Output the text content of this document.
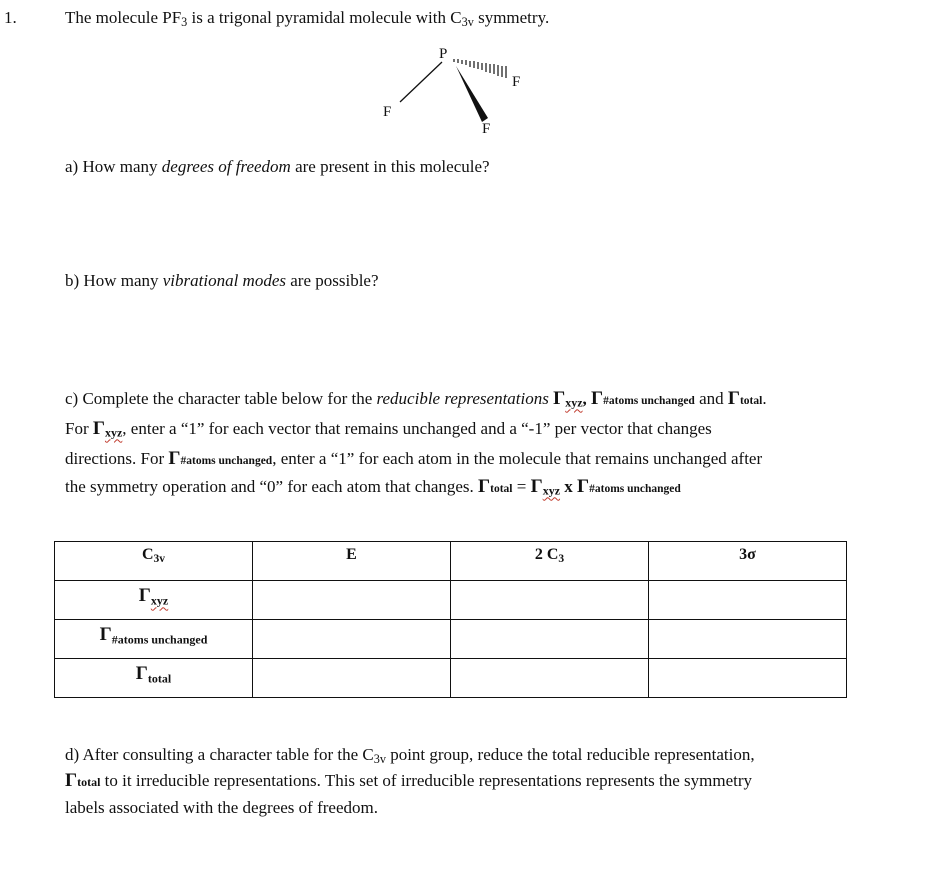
1.	The molecule $PF_3$ is a trigonal pyramidal molecule with $C_{3v}$ symmetry.
P
F
F
F
a) How many degrees of freedom are present in this molecule?
b) How many vibrational modes are possible?
c) Complete the character table below for the reducible representations Γxyz, Γ#atoms unchanged and Γtotal.
For Γxyz, enter a “1” for each vector that remains unchanged and a “-1” per vector that changes
directions. For Γ#atoms unchanged, enter a “1” for each atom in the molecule that remains unchanged after
the symmetry operation and “0” for each atom that changes. Γtotal = Γxyz x Γ#atoms unchanged
$C_{3v}$	E	2 $C_3$	3σ
$\Gamma_{xyz}$			
$\Gamma_{\#atoms unchanged}$			
$\Gamma_{total}$			
d) After consulting a character table for the $C_{3v}$ point group, reduce the total reducible representation,
Γtotal to it irreducible representations. This set of irreducible representations represents the symmetry
labels associated with the degrees of freedom.
